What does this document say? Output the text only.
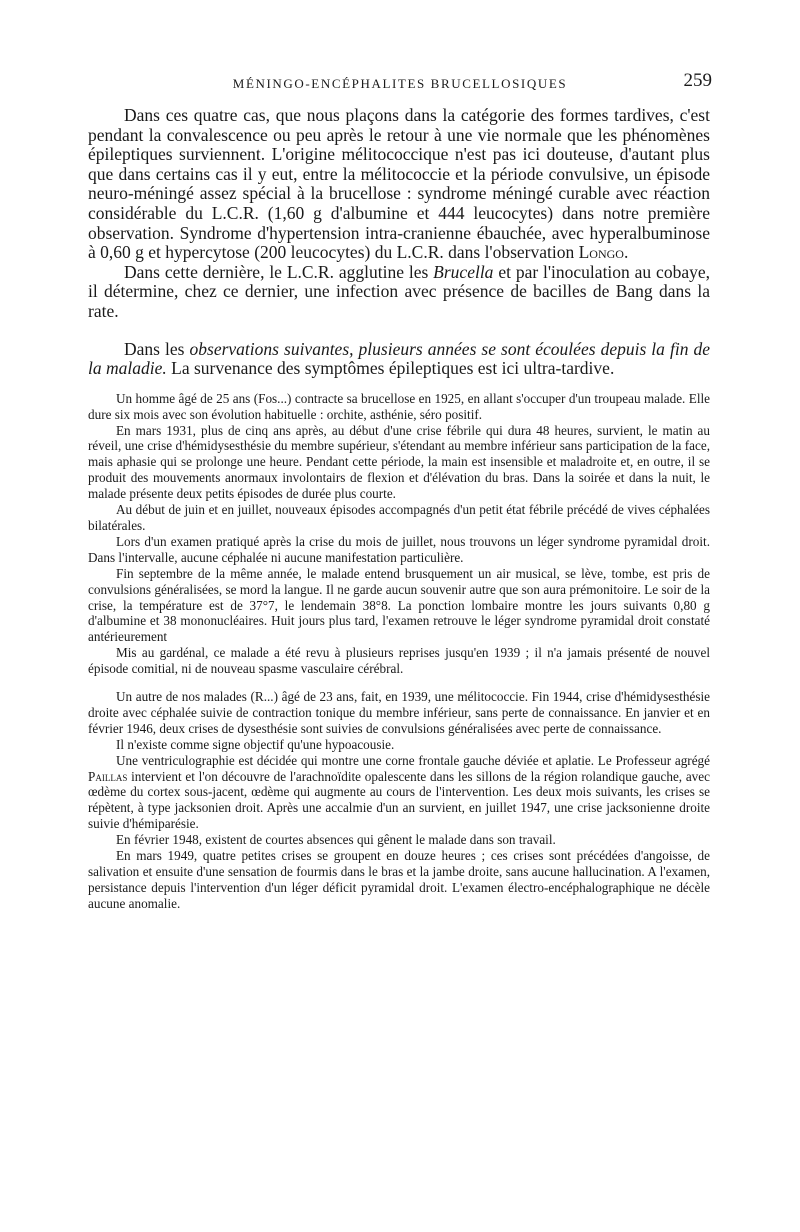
MÉNINGO-ENCÉPHALITES BRUCELLOSIQUES	259

Dans ces quatre cas, que nous plaçons dans la catégorie des formes tardives, c'est pendant la convalescence ou peu après le retour à une vie normale que les phénomènes épileptiques surviennent. L'origine mélitococcique n'est pas ici douteuse, d'autant plus que dans certains cas il y eut, entre la mélitococcie et la période convulsive, un épisode neuro-méningé assez spécial à la brucellose : syndrome méningé curable avec réaction considérable du L.C.R. (1,60 g d'albumine et 444 leucocytes) dans notre première observation. Syndrome d'hypertension intra-cranienne ébauchée, avec hyperalbuminose à 0,60 g et hypercytose (200 leucocytes) du L.C.R. dans l'observation Longo.

Dans cette dernière, le L.C.R. agglutine les Brucella et par l'inoculation au cobaye, il détermine, chez ce dernier, une infection avec présence de bacilles de Bang dans la rate.

Dans les observations suivantes, plusieurs années se sont écoulées depuis la fin de la maladie. La survenance des symptômes épileptiques est ici ultra-tardive.

Un homme âgé de 25 ans (Fos...) contracte sa brucellose en 1925, en allant s'occuper d'un troupeau malade. Elle dure six mois avec son évolution habituelle : orchite, asthénie, séro positif.

En mars 1931, plus de cinq ans après, au début d'une crise fébrile qui dura 48 heures, survient, le matin au réveil, une crise d'hémidysesthésie du membre supérieur, s'étendant au membre inférieur sans participation de la face, mais aphasie qui se prolonge une heure. Pendant cette période, la main est insensible et maladroite et, en outre, il se produit des mouvements anormaux involontairs de flexion et d'élévation du bras. Dans la soirée et dans la nuit, le malade présente deux petits épisodes de durée plus courte.

Au début de juin et en juillet, nouveaux épisodes accompagnés d'un petit état fébrile précédé de vives céphalées bilatérales.

Lors d'un examen pratiqué après la crise du mois de juillet, nous trouvons un léger syndrome pyramidal droit. Dans l'intervalle, aucune céphalée ni aucune manifestation particulière.

Fin septembre de la même année, le malade entend brusquement un air musical, se lève, tombe, est pris de convulsions généralisées, se mord la langue. Il ne garde aucun souvenir autre que son aura prémonitoire. Le soir de la crise, la température est de 37°7, le lendemain 38°8. La ponction lombaire montre les jours suivants 0,80 g d'albumine et 38 mononucléaires. Huit jours plus tard, l'examen retrouve le léger syndrome pyramidal droit constaté antérieurement

Mis au gardénal, ce malade a été revu à plusieurs reprises jusqu'en 1939 ; il n'a jamais présenté de nouvel épisode comitial, ni de nouveau spasme vasculaire cérébral.

Un autre de nos malades (R...) âgé de 23 ans, fait, en 1939, une mélitococcie. Fin 1944, crise d'hémidysesthésie droite avec céphalée suivie de contraction tonique du membre inférieur, sans perte de connaissance. En janvier et en février 1946, deux crises de dysesthésie sont suivies de convulsions généralisées avec perte de connaissance.

Il n'existe comme signe objectif qu'une hypoacousie.

Une ventriculographie est décidée qui montre une corne frontale gauche déviée et aplatie. Le Professeur agrégé Paillas intervient et l'on découvre de l'arachnoïdite opalescente dans les sillons de la région rolandique gauche, avec œdème du cortex sous-jacent, œdème qui augmente au cours de l'intervention. Les deux mois suivants, les crises se répètent, à type jacksonien droit. Après une accalmie d'un an survient, en juillet 1947, une crise jacksonienne droite suivie d'hémiparésie.

En février 1948, existent de courtes absences qui gênent le malade dans son travail.

En mars 1949, quatre petites crises se groupent en douze heures ; ces crises sont précédées d'angoisse, de salivation et ensuite d'une sensation de fourmis dans le bras et la jambe droite, sans aucune hallucination. A l'examen, persistance depuis l'intervention d'un léger déficit pyramidal droit. L'examen électro-encéphalographique ne décèle aucune anomalie.
